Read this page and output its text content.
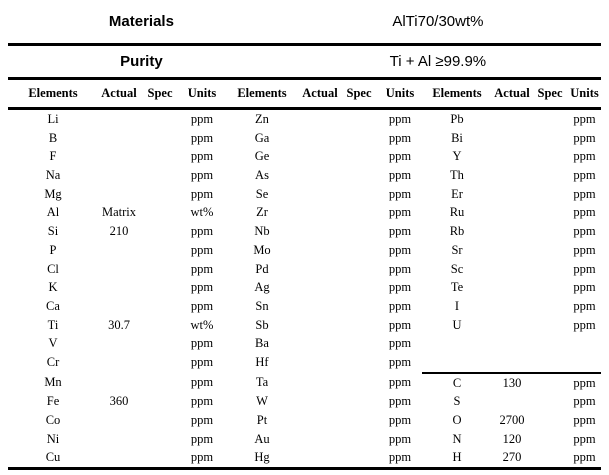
Materials	AlTi70/30wt%
Purity	Ti + Al ≥99.9%
Elements	Actual	Spec	Units	Elements	Actual	Spec	Units	Elements	Actual	Spec	Units
Li			ppm	Zn			ppm	Pb			ppm
B			ppm	Ga			ppm	Bi			ppm
F			ppm	Ge			ppm	Y			ppm
Na			ppm	As			ppm	Th			ppm
Mg			ppm	Se			ppm	Er			ppm
Al	Matrix		wt%	Zr			ppm	Ru			ppm
Si	210		ppm	Nb			ppm	Rb			ppm
P			ppm	Mo			ppm	Sr			ppm
Cl			ppm	Pd			ppm	Sc			ppm
K			ppm	Ag			ppm	Te			ppm
Ca			ppm	Sn			ppm	I			ppm
Ti	30.7		wt%	Sb			ppm	U			ppm
V			ppm	Ba			ppm				
Cr			ppm	Hf			ppm				
Mn			ppm	Ta			ppm	C	130		ppm
Fe	360		ppm	W			ppm	S			ppm
Co			ppm	Pt			ppm	O	2700		ppm
Ni			ppm	Au			ppm	N	120		ppm
Cu			ppm	Hg			ppm	H	270		ppm
